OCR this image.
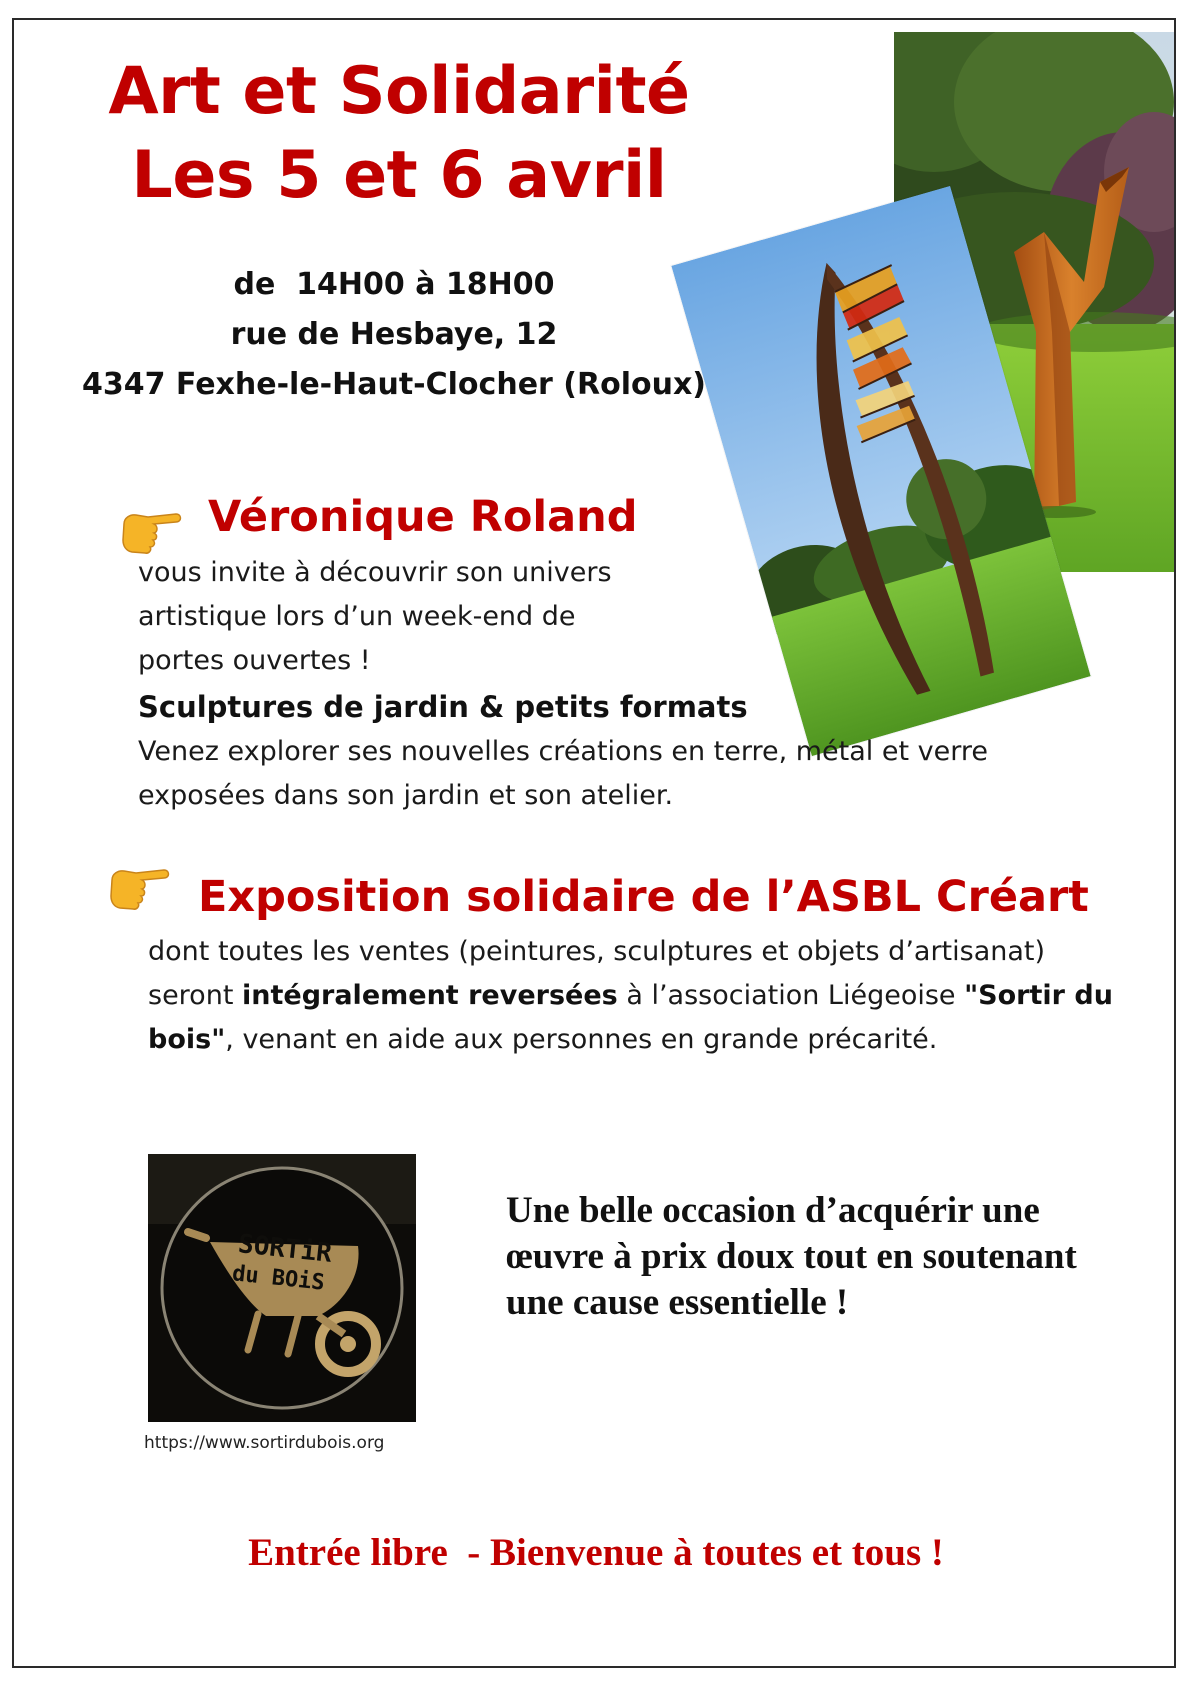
Art et Solidarité
Les 5 et 6 avril
de  14H00 à 18H00
rue de Hesbaye, 12
4347 Fexhe-le-Haut-Clocher (Roloux)
Véronique Roland
vous invite à découvrir son univers
artistique lors d’un week-end de
portes ouvertes !
Sculptures de jardin & petits formats
Venez explorer ses nouvelles créations en terre, métal et verre
exposées dans son jardin et son atelier.
Exposition solidaire de l’ASBL Créart
dont toutes les ventes (peintures, sculptures et objets d’artisanat)
seront intégralement reversées à l’association Liégeoise "Sortir du
bois", venant en aide aux personnes en grande précarité.
SORTiR
du BOiS
https://www.sortirdubois.org
Une belle occasion d’acquérir une
œuvre à prix doux tout en soutenant
une cause essentielle !
Entrée libre  - Bienvenue à toutes et tous !
